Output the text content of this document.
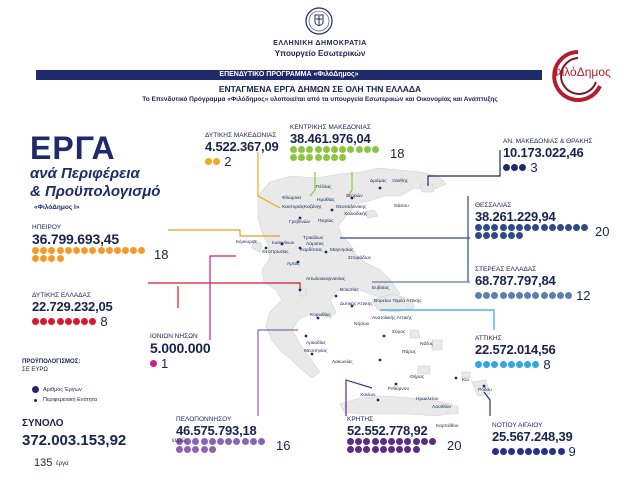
ΕΛΛΗΝΙΚΗ ΔΗΜΟΚΡΑΤΙΑ
Υπουργείο Εσωτερικών
ΕΠΕΝΔΥΤΙΚΟ ΠΡΟΓΡΑΜΜΑ «ΦιλόΔημος»	ΦιλόΔημος
ΕΝΤΑΓΜΕΝΑ ΕΡΓΑ ΔΗΜΩΝ ΣΕ ΟΛΗ ΤΗΝ ΕΛΛΑΔΑ
Το Επενδυτικό Πρόγραμμα «Φιλόδημος» υλοποιείται από τα υπουργεία Εσωτερικών και Οικονομίας και Ανάπτυξης
ΕΡΓΑ
ανά Περιφέρεια
& Προϋπολογισμό
«ΦιλόΔημος Ι»
Δράμας Ξάνθης
Πέλλας
Σερρών
Φλώρινα	Ημαθίας
Θεσσαλονίκης	Θάσου
Καστοριάς Καζάνης
Χαλκιδικής
Γρεβενών Πιερίας
Τρικάλων
Ιωαννίνων
Κέρκυρας
Θεσπρωτίας Καρδίτσας Μαγνησίας
Λάρισας
Άρτας
Σποράδων
Αιτωλοακαρνανίας
Ευβοίας
Βοιωτίας
Βορείου Τομέα Αττικής
Δυτικής Αττικής
Ανατολικής Αττικής
Κορινθίας
Νήσων
Αρκαδίας
Σύρος
Νάξος
Μεσσηνίας	Πάρος
Λακωνίας
Θήρας
Κω
Ρόδου
Χανίων
Ρεθύμνου
Ηρακλείου
Λασιθίου
Καρπάθου
ΔΥΤΙΚΗΣ ΜΑΚΕΔΟΝΙΑΣ
4.522.367,09
2
ΚΕΝΤΡΙΚΗΣ ΜΑΚΕΔΟΝΙΑΣ
38.461.976,04
18
ΑΝ. ΜΑΚΕΔΟΝΙΑΣ & ΘΡΑΚΗΣ
10.173.022,46
3
ΗΠΕΙΡΟΥ
36.799.693,45
18
ΘΕΣΣΑΛΙΑΣ
38.261.229,94
20
ΔΥΤΙΚΗΣ ΕΛΛΑΔΑΣ
22.729.232,05
8
ΣΤΕΡΕΑΣ ΕΛΛΑΔΑΣ
68.787.797,84
12
ΙΟΝΙΩΝ ΝΗΣΩΝ
5.000.000
1
ΑΤΤΙΚΗΣ
22.572.014,56
8
ΠΕΛΟΠΟΝΝΗΣΟΥ
46.575.793,18
16
ΚΡΗΤΗΣ
52.552.778,92
20
ΝΟΤΙΟΥ ΑΙΓΑΙΟΥ
25.567.248,39
9
ΠΡΟΫΠΟΛΟΓΙΣΜΟΣ:
ΣΕ ΕΥΡΩ
Αριθμός Έργων
Περιφερειακή Ενότητα
ΣΥΝΟΛΟ
372.003.153,92	ευρώ
135 έργα
